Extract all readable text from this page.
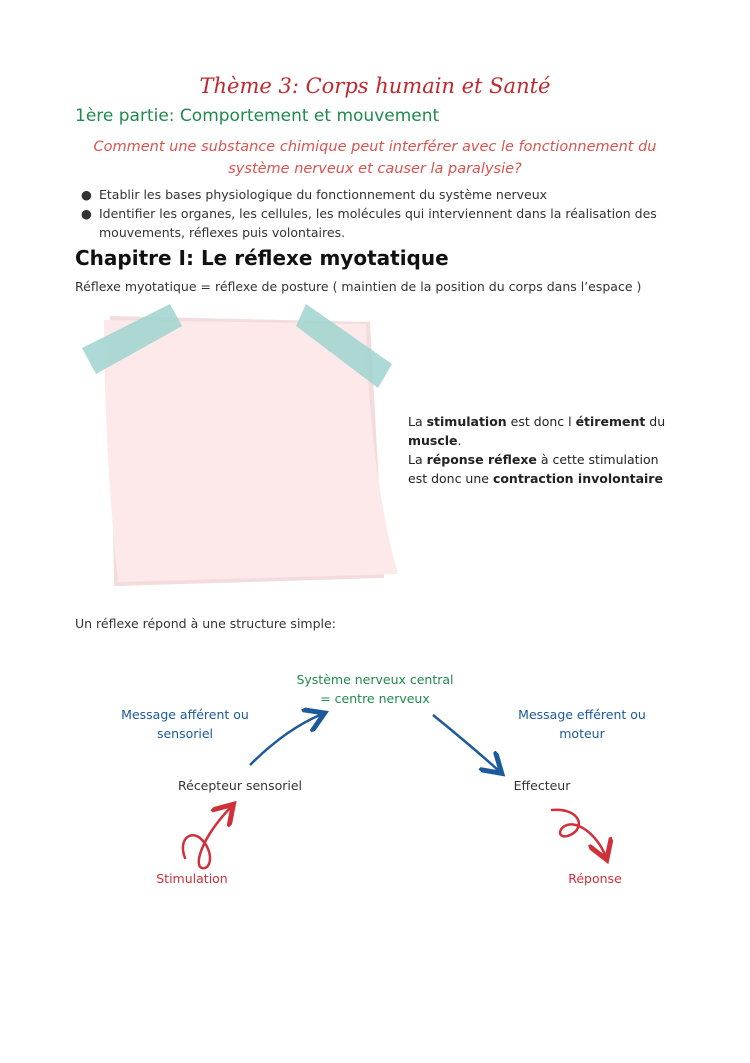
Thème 3: Corps humain et Santé
1ère partie: Comportement et mouvement
Comment une substance chimique peut interférer avec le fonctionnement du
système nerveux et causer la paralysie?
● Etablir les bases physiologique du fonctionnement du système nerveux
● Identifier les organes, les cellules, les molécules qui interviennent dans la réalisation des
mouvements, réflexes puis volontaires.
Chapitre I: Le réflexe myotatique
Réflexe myotatique = réflexe de posture ( maintien de la position du corps dans l’espace )
La stimulation est donc l étirement du
muscle.
La réponse réflexe à cette stimulation
est donc une contraction involontaire
Un réflexe répond à une structure simple:
Système nerveux central
= centre nerveux
Message afférent ou
sensoriel
Message efférent ou
moteur
Récepteur sensoriel	Effecteur
Stimulation	Réponse
